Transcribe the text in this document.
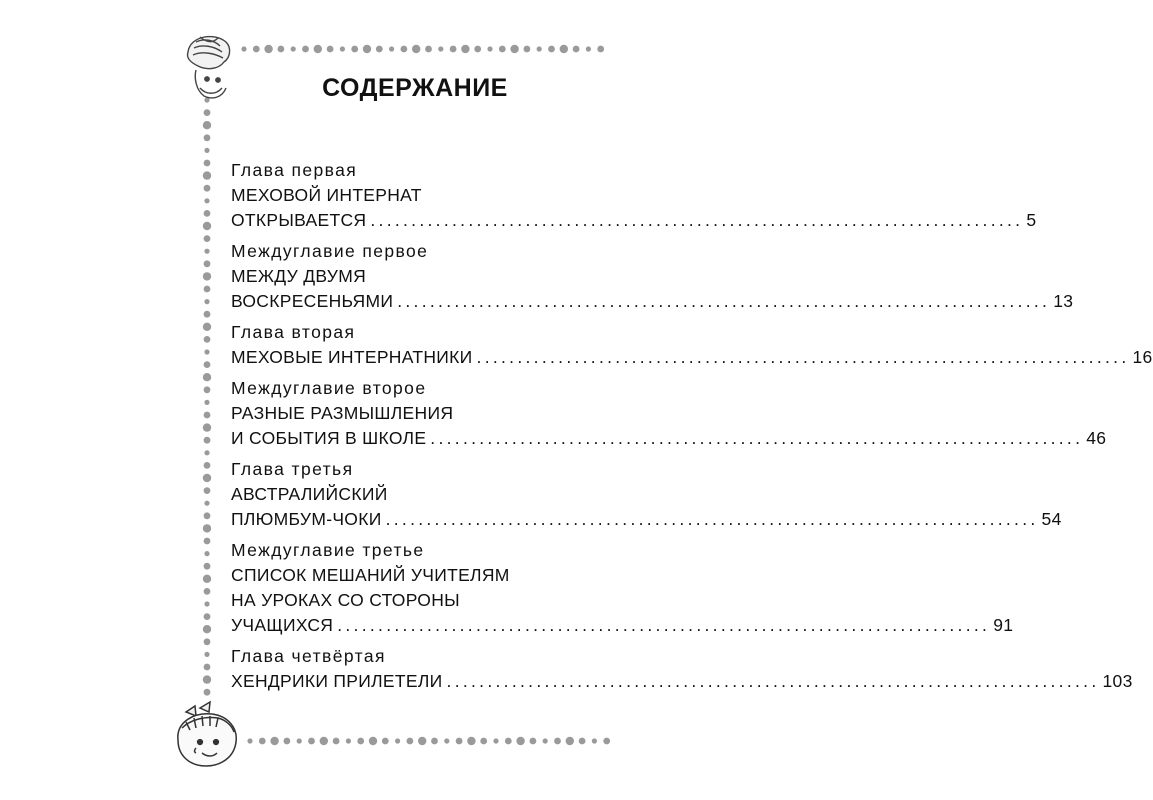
СОДЕРЖАНИЕ
Глава первая
МЕХОВОЙ ИНТЕРНАТ
ОТКРЫВАЕТСЯ ................................................................................ 5
Междуглавие первое
МЕЖДУ ДВУМЯ
ВОСКРЕСЕНЬЯМИ ................................................................................ 13
Глава вторая
МЕХОВЫЕ ИНТЕРНАТНИКИ ................................................................................ 16
Междуглавие второе
РАЗНЫЕ РАЗМЫШЛЕНИЯ
И СОБЫТИЯ В ШКОЛЕ ................................................................................ 46
Глава третья
АВСТРАЛИЙСКИЙ
ПЛЮМБУМ-ЧОКИ ................................................................................ 54
Междуглавие третье
СПИСОК МЕШАНИЙ УЧИТЕЛЯМ
НА УРОКАХ СО СТОРОНЫ
УЧАЩИХСЯ ................................................................................ 91
Глава четвёртая
ХЕНДРИКИ ПРИЛЕТЕЛИ ................................................................................ 103
